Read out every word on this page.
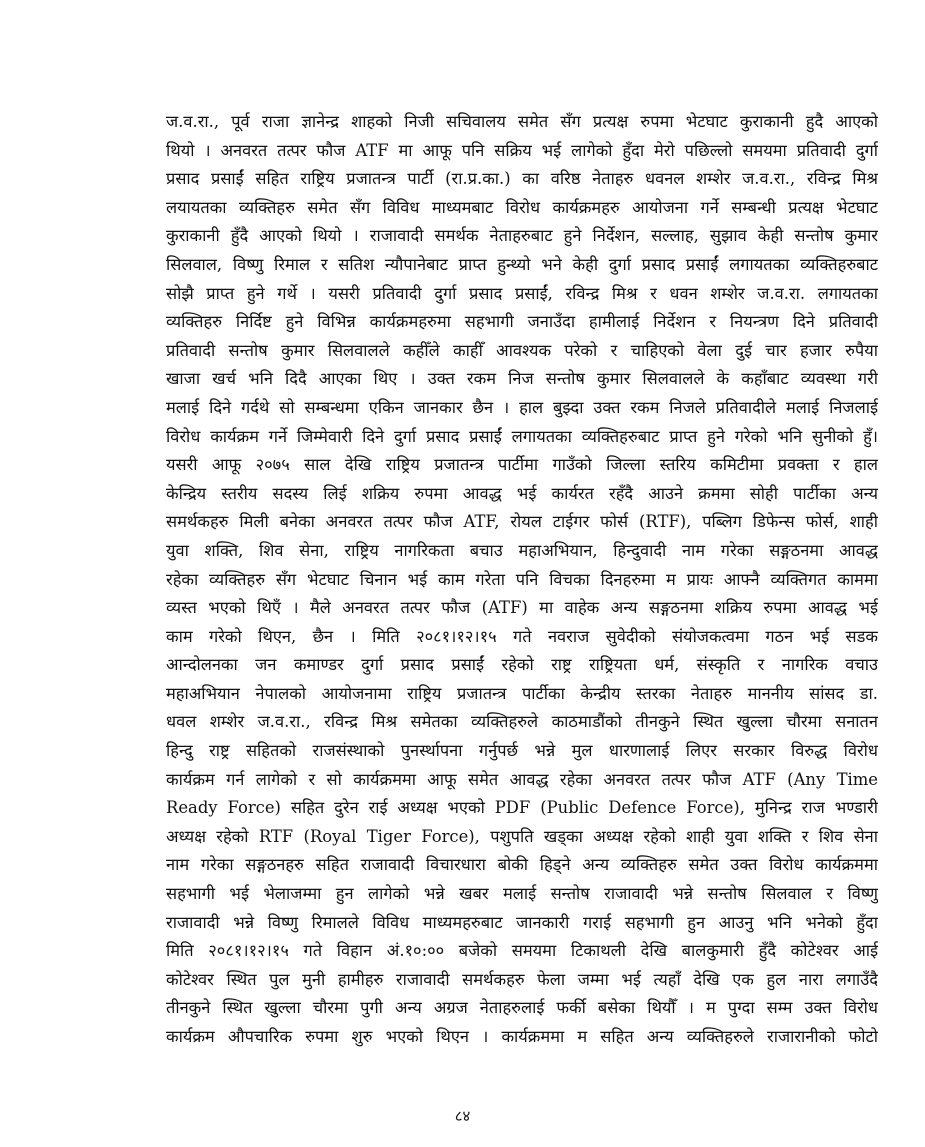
ज.व.रा., पूर्व राजा ज्ञानेन्द्र शाहको निजी सचिवालय समेत सँग प्रत्यक्ष रुपमा भेटघाट कुराकानी हुदै आएको
थियो । अनवरत तत्पर फौज ATF मा आफू पनि सक्रिय भई लागेको हुँदा मेरो पछिल्लो समयमा प्रतिवादी दुर्गा
प्रसाद प्रसाईं सहित राष्ट्रिय प्रजातन्त्र पार्टी (रा.प्र.का.) का वरिष्ठ नेताहरु धवनल शम्शेर ज.व.रा., रविन्द्र मिश्र
लयायतका व्यक्तिहरु समेत सँग विविध माध्यमबाट विरोध कार्यक्रमहरु आयोजना गर्ने सम्बन्धी प्रत्यक्ष भेटघाट
कुराकानी हुँदै आएको थियो । राजावादी समर्थक नेताहरुबाट हुने निर्देशन, सल्लाह, सुझाव केही सन्तोष कुमार
सिलवाल, विष्णु रिमाल र सतिश न्यौपानेबाट प्राप्त हुन्थ्यो भने केही दुर्गा प्रसाद प्रसाईं लगायतका व्यक्तिहरुबाट
सोझै प्राप्त हुने गर्थे । यसरी प्रतिवादी दुर्गा प्रसाद प्रसाईं, रविन्द्र मिश्र र धवन शम्शेर ज.व.रा. लगायतका
व्यक्तिहरु निर्दिष्ट हुने विभिन्न कार्यक्रमहरुमा सहभागी जनाउँदा हामीलाई निर्देशन र नियन्त्रण दिने प्रतिवादी
प्रतिवादी सन्तोष कुमार सिलवालले कहीँले काहीँ आवश्यक परेको र चाहिएको वेला दुई चार हजार रुपैया
खाजा खर्च भनि दिदै आएका थिए । उक्त रकम निज सन्तोष कुमार सिलवालले के कहाँबाट व्यवस्था गरी
मलाई दिने गर्दथे सो सम्बन्धमा एकिन जानकार छैन । हाल बुझ्दा उक्त रकम निजले प्रतिवादीले मलाई निजलाई
विरोध कार्यक्रम गर्ने जिम्मेवारी दिने दुर्गा प्रसाद प्रसाईं लगायतका व्यक्तिहरुबाट प्राप्त हुने गरेको भनि सुनीको हुँ।
यसरी आफू २०७५ साल देखि राष्ट्रिय प्रजातन्त्र पार्टीमा गाउँको जिल्ला स्तरिय कमिटीमा प्रवक्ता र हाल
केन्द्रिय स्तरीय सदस्य लिई शक्रिय रुपमा आवद्ध भई कार्यरत रहँदै आउने क्रममा सोही पार्टीका अन्य
समर्थकहरु मिली बनेका अनवरत तत्पर फौज ATF, रोयल टाईगर फोर्स (RTF), पब्लिग डिफेन्स फोर्स, शाही
युवा शक्ति, शिव सेना, राष्ट्रिय नागरिकता बचाउ महाअभियान, हिन्दुवादी नाम गरेका सङ्गठनमा आवद्ध
रहेका व्यक्तिहरु सँग भेटघाट चिनान भई काम गरेता पनि विचका दिनहरुमा म प्रायः आफ्नै व्यक्तिगत काममा
व्यस्त भएको थिएँ । मैले अनवरत तत्पर फौज (ATF) मा वाहेक अन्य सङ्गठनमा शक्रिय रुपमा आवद्ध भई
काम गरेको थिएन, छैन । मिति २०८१।१२।१५ गते नवराज सुवेदीको संयोजकत्वमा गठन भई सडक
आन्दोलनका जन कमाण्डर दुर्गा प्रसाद प्रसाईं रहेको राष्ट्र राष्ट्रियता धर्म, संस्कृति र नागरिक वचाउ
महाअभियान नेपालको आयोजनामा राष्ट्रिय प्रजातन्त्र पार्टीका केन्द्रीय स्तरका नेताहरु माननीय सांसद डा.
धवल शम्शेर ज.व.रा., रविन्द्र मिश्र समेतका व्यक्तिहरुले काठमाडौंको तीनकुने स्थित खुल्ला चौरमा सनातन
हिन्दु राष्ट्र सहितको राजसंस्थाको पुनर्स्थापना गर्नुपर्छ भन्ने मुल धारणालाई लिएर सरकार विरुद्ध विरोध
कार्यक्रम गर्न लागेको र सो कार्यक्रममा आफू समेत आवद्ध रहेका अनवरत तत्पर फौज ATF (Any Time
Ready Force) सहित दुरेन राई अध्यक्ष भएको PDF (Public Defence Force), मुनिन्द्र राज भण्डारी
अध्यक्ष रहेको RTF (Royal Tiger Force), पशुपति खड्का अध्यक्ष रहेको शाही युवा शक्ति र शिव सेना
नाम गरेका सङ्गठनहरु सहित राजावादी विचारधारा बोकी हिड्ने अन्य व्यक्तिहरु समेत उक्त विरोध कार्यक्रममा
सहभागी भई भेलाजम्मा हुन लागेको भन्ने खबर मलाई सन्तोष राजावादी भन्ने सन्तोष सिलवाल र विष्णु
राजावादी भन्ने विष्णु रिमालले विविध माध्यमहरुबाट जानकारी गराई सहभागी हुन आउनु भनि भनेको हुँदा
मिति २०८१।१२।१५ गते विहान अं.१०:०० बजेको समयमा टिकाथली देखि बालकुमारी हुँदै कोटेश्वर आई
कोटेश्वर स्थित पुल मुनी हामीहरु राजावादी समर्थकहरु फेला जम्मा भई त्यहाँ देखि एक हुल नारा लगाउँदै
तीनकुने स्थित खुल्ला चौरमा पुगी अन्य अग्रज नेताहरुलाई फर्की बसेका थियौँ । म पुग्दा सम्म उक्त विरोध
कार्यक्रम औपचारिक रुपमा शुरु भएको थिएन । कार्यक्रममा म सहित अन्य व्यक्तिहरुले राजारानीको फोटो
८४
